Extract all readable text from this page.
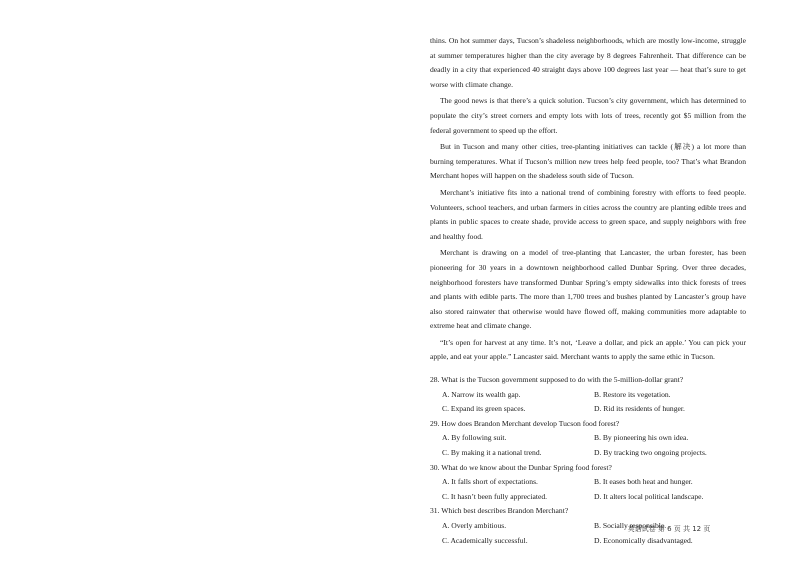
thins. On hot summer days, Tucson’s shadeless neighborhoods, which are mostly low-income, struggle at summer temperatures higher than the city average by 8 degrees Fahrenheit. That difference can be deadly in a city that experienced 40 straight days above 100 degrees last year — heat that’s sure to get worse with climate change.

The good news is that there’s a quick solution. Tucson’s city government, which has determined to populate the city’s street corners and empty lots with lots of trees, recently got $5 million from the federal government to speed up the effort.

But in Tucson and many other cities, tree-planting initiatives can tackle (解决) a lot more than burning temperatures. What if Tucson’s million new trees help feed people, too? That’s what Brandon Merchant hopes will happen on the shadeless south side of Tucson.

Merchant’s initiative fits into a national trend of combining forestry with efforts to feed people. Volunteers, school teachers, and urban farmers in cities across the country are planting edible trees and plants in public spaces to create shade, provide access to green space, and supply neighbors with free and healthy food.

Merchant is drawing on a model of tree-planting that Lancaster, the urban forester, has been pioneering for 30 years in a downtown neighborhood called Dunbar Spring. Over three decades, neighborhood foresters have transformed Dunbar Spring’s empty sidewalks into thick forests of trees and plants with edible parts. The more than 1,700 trees and bushes planted by Lancaster’s group have also stored rainwater that otherwise would have flowed off, making communities more adaptable to extreme heat and climate change.

“It’s open for harvest at any time. It’s not, ‘Leave a dollar, and pick an apple.’ You can pick your apple, and eat your apple.” Lancaster said. Merchant wants to apply the same ethic in Tucson.

28. What is the Tucson government supposed to do with the 5-million-dollar grant?

A. Narrow its wealth gap.	B. Restore its vegetation.

C. Expand its green spaces.	D. Rid its residents of hunger.

29. How does Brandon Merchant develop Tucson food forest?

A. By following suit.	B. By pioneering his own idea.

C. By making it a national trend.	D. By tracking two ongoing projects.

30. What do we know about the Dunbar Spring food forest?

A. It falls short of expectations.	B. It eases both heat and hunger.

C. It hasn’t been fully appreciated.	D. It alters local political landscape.

31. Which best describes Brandon Merchant?

A. Overly ambitious.	B. Socially responsible.

C. Academically successful.	D. Economically disadvantaged.

英语试卷 第 6 页 共 12 页
